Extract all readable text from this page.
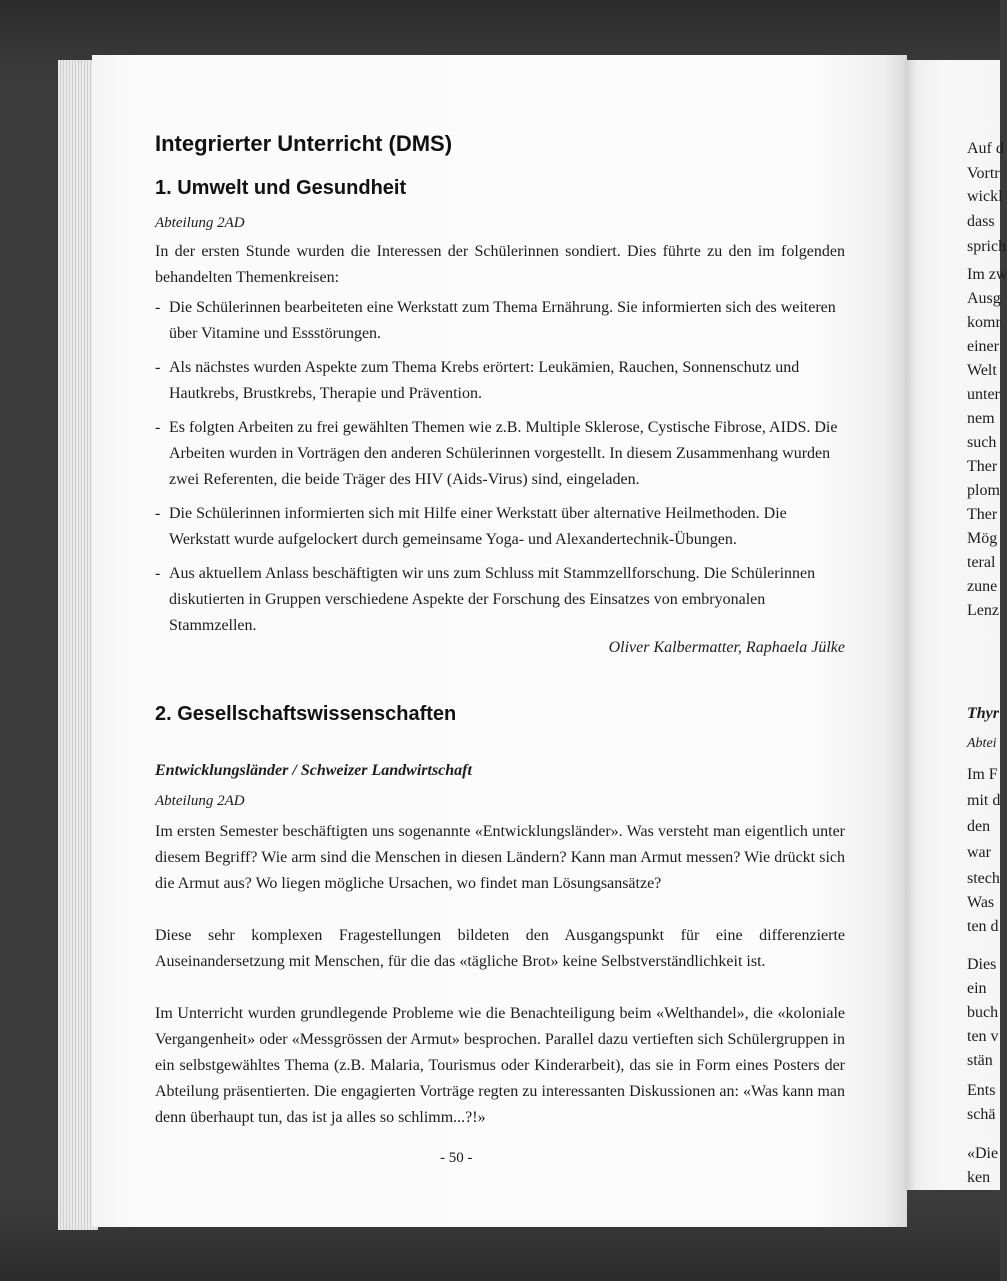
Integrierter Unterricht (DMS)
1. Umwelt und Gesundheit
Abteilung 2AD

In der ersten Stunde wurden die Interessen der Schülerinnen sondiert. Dies führte zu den im folgenden behandelten Themenkreisen:

- Die Schülerinnen bearbeiteten eine Werkstatt zum Thema Ernährung. Sie informierten sich des weiteren über Vitamine und Essstörungen.
- Als nächstes wurden Aspekte zum Thema Krebs erörtert: Leukämien, Rauchen, Sonnenschutz und Hautkrebs, Brustkrebs, Therapie und Prävention.
- Es folgten Arbeiten zu frei gewählten Themen wie z.B. Multiple Sklerose, Cystische Fibrose, AIDS. Die Arbeiten wurden in Vorträgen den anderen Schülerinnen vorgestellt. In diesem Zusammenhang wurden zwei Referenten, die beide Träger des HIV (Aids-Virus) sind, eingeladen.
- Die Schülerinnen informierten sich mit Hilfe einer Werkstatt über alternative Heilmethoden. Die Werkstatt wurde aufgelockert durch gemeinsame Yoga- und Alexandertechnik-Übungen.
- Aus aktuellem Anlass beschäftigten wir uns zum Schluss mit Stammzellforschung. Die Schülerinnen diskutierten in Gruppen verschiedene Aspekte der Forschung des Einsatzes von embryonalen Stammzellen.
Oliver Kalbermatter, Raphaela Jülke
2. Gesellschaftswissenschaften
Entwicklungsländer / Schweizer Landwirtschaft
Abteilung 2AD

Im ersten Semester beschäftigten uns sogenannte «Entwicklungsländer». Was versteht man eigentlich unter diesem Begriff? Wie arm sind die Menschen in diesen Ländern? Kann man Armut messen? Wie drückt sich die Armut aus? Wo liegen mögliche Ursachen, wo findet man Lösungsansätze?

Diese sehr komplexen Fragestellungen bildeten den Ausgangspunkt für eine differenzierte Auseinandersetzung mit Menschen, für die das «tägliche Brot» keine Selbstverständlichkeit ist.

Im Unterricht wurden grundlegende Probleme wie die Benachteiligung beim «Welthandel», die «koloniale Vergangenheit» oder «Messgrössen der Armut» besprochen. Parallel dazu vertieften sich Schülergruppen in ein selbstgewähltes Thema (z.B. Malaria, Tourismus oder Kinderarbeit), das sie in Form eines Posters der Abteilung präsentierten. Die engagierten Vorträge regten zu interessanten Diskussionen an: «Was kann man denn überhaupt tun, das ist ja alles so schlimm...?!»

- 50 -
Auf d
Vortr
wickl
dass
sprich
Im zw
Ausg
komr
einer
Welt
unter
nem
such
Ther
plom
Ther
Mög
teral
zune
Lenz
Thyr
Abtei
Im F
mit d
den
war
stech
Was
ten d
Dies
ein
buch
ten v
stän
Ents
schä
«Die
ken
